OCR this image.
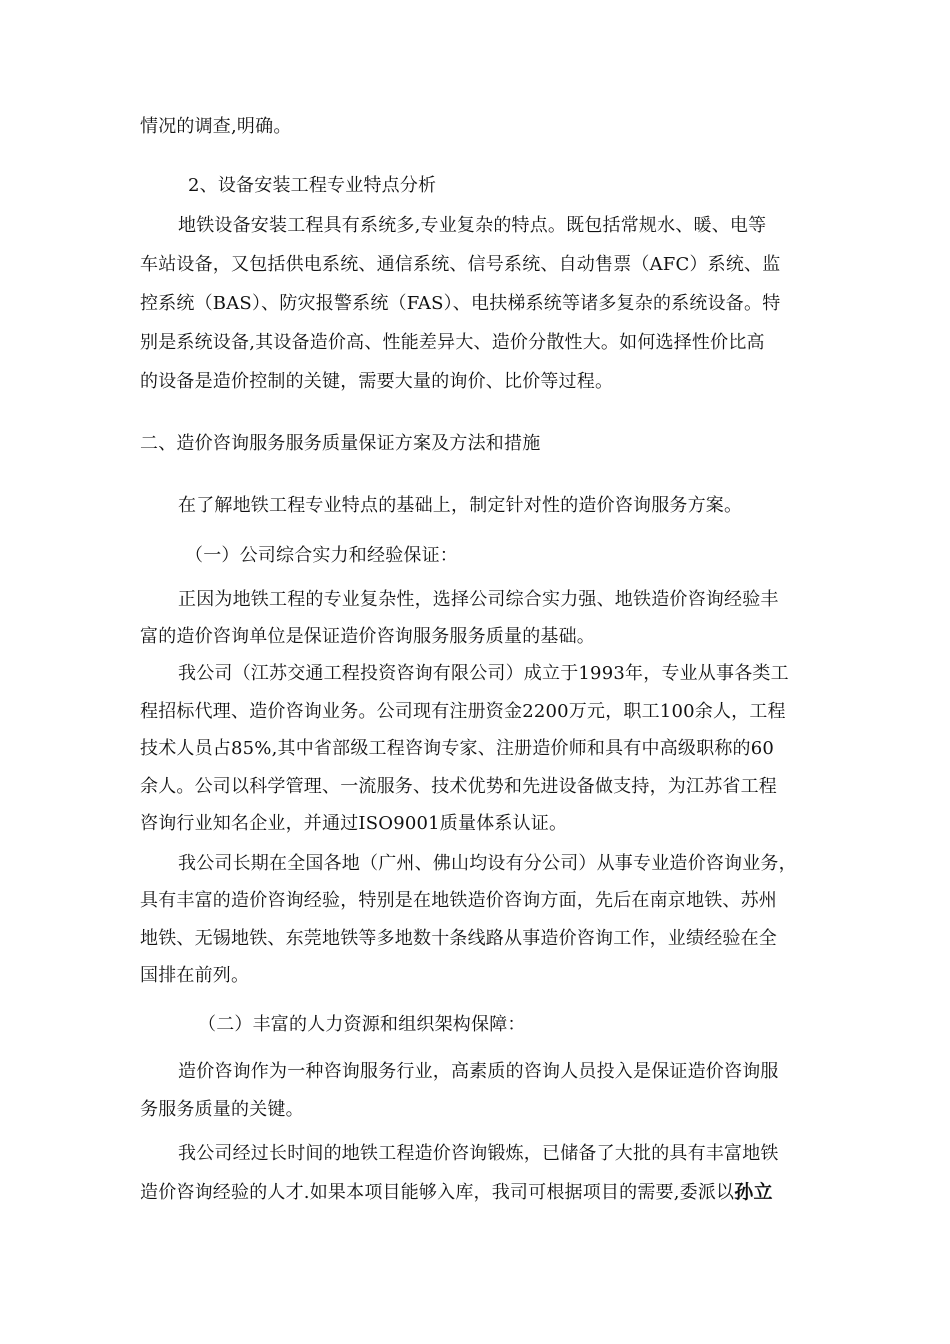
情况的调查,明确。
2、设备安装工程专业特点分析
地铁设备安装工程具有系统多,专业复杂的特点。既包括常规水、暖、电等
车站设备，又包括供电系统、通信系统、信号系统、自动售票（AFC）系统、监
控系统（BAS）、防灾报警系统（FAS）、电扶梯系统等诸多复杂的系统设备。特
别是系统设备,其设备造价高、性能差异大、造价分散性大。如何选择性价比高
的设备是造价控制的关键，需要大量的询价、比价等过程。
二、造价咨询服务服务质量保证方案及方法和措施
在了解地铁工程专业特点的基础上，制定针对性的造价咨询服务方案。
（一）公司综合实力和经验保证：
正因为地铁工程的专业复杂性，选择公司综合实力强、地铁造价咨询经验丰
富的造价咨询单位是保证造价咨询服务服务质量的基础。
我公司（江苏交通工程投资咨询有限公司）成立于1993年，专业从事各类工
程招标代理、造价咨询业务。公司现有注册资金2200万元，职工100余人，工程
技术人员占85%,其中省部级工程咨询专家、注册造价师和具有中高级职称的60
余人。公司以科学管理、一流服务、技术优势和先进设备做支持，为江苏省工程
咨询行业知名企业，并通过ISO9001质量体系认证。
我公司长期在全国各地（广州、佛山均设有分公司）从事专业造价咨询业务，
具有丰富的造价咨询经验，特别是在地铁造价咨询方面，先后在南京地铁、苏州
地铁、无锡地铁、东莞地铁等多地数十条线路从事造价咨询工作，业绩经验在全
国排在前列。
（二）丰富的人力资源和组织架构保障：
造价咨询作为一种咨询服务行业，高素质的咨询人员投入是保证造价咨询服
务服务质量的关键。
我公司经过长时间的地铁工程造价咨询锻炼，已储备了大批的具有丰富地铁
造价咨询经验的人才.如果本项目能够入库，我司可根据项目的需要,委派以孙立
